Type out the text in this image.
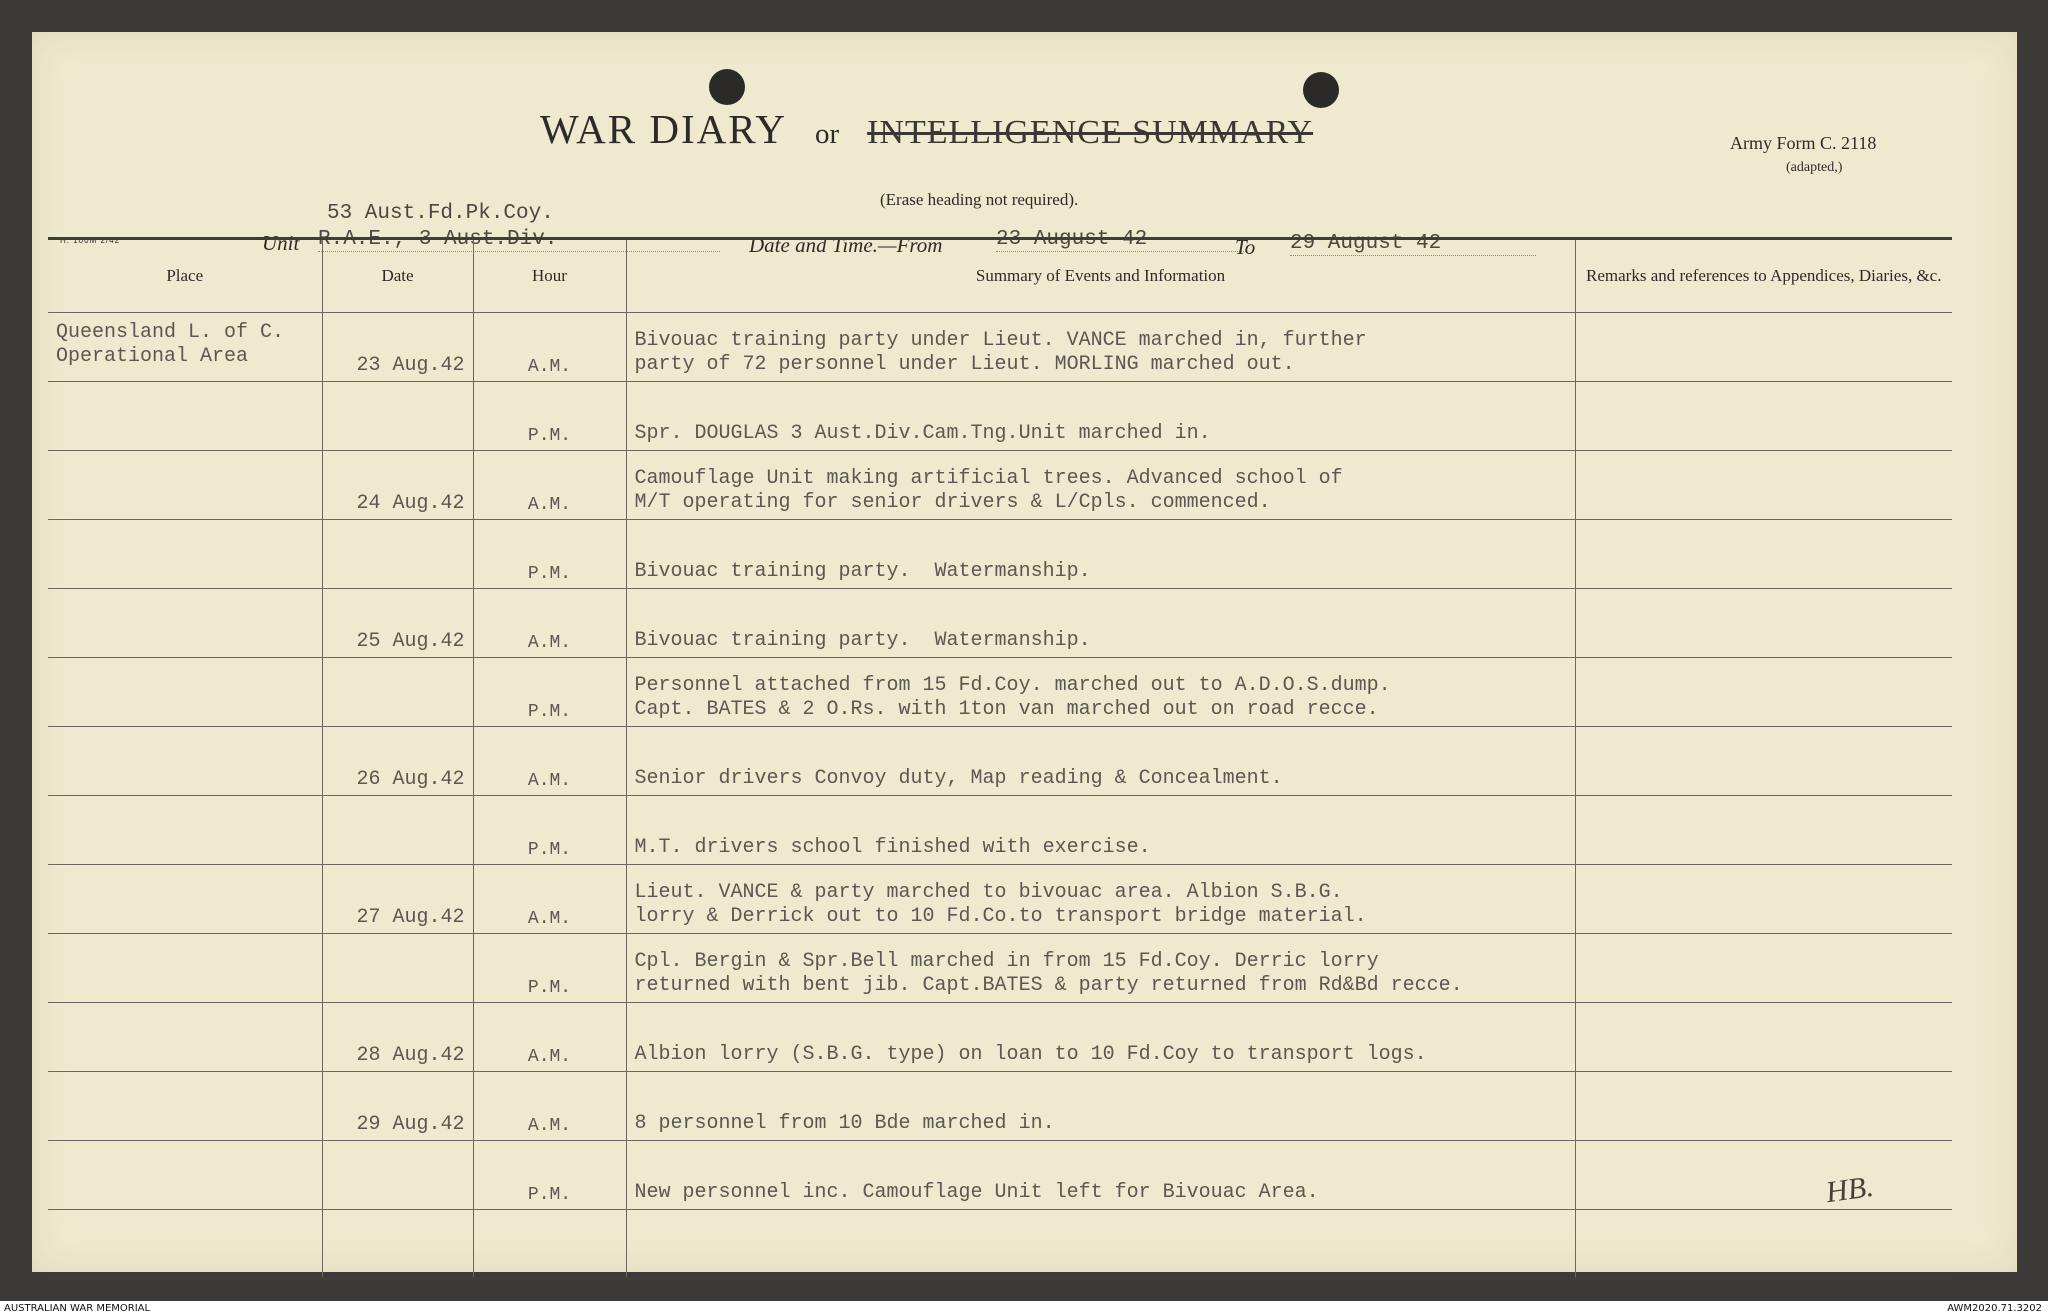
WAR DIARY or INTELLIGENCE SUMMARY
(Erase heading not required).
Army Form C. 2118
(adapted,)
H. 100M 2/42
53 Aust.Fd.Pk.Coy.
Unit R.A.E., 3 Aust.Div.	Date and Time.—From	23 August 42	To 29 August 42
Place	Date	Hour	Summary of Events and Information	Remarks and references to Appendices, Diaries, &c.
Queensland L. of C. Operational Area	23 Aug.42	A.M.	Bivouac training party under Lieut. VANCE marched in, further
party of 72 personnel under Lieut. MORLING marched out.	
		P.M.	Spr. DOUGLAS 3 Aust.Div.Cam.Tng.Unit marched in.	
	24 Aug.42	A.M.	Camouflage Unit making artificial trees. Advanced school of
M/T operating for senior drivers & L/Cpls. commenced.	
		P.M.	Bivouac training party.  Watermanship.	
	25 Aug.42	A.M.	Bivouac training party.  Watermanship.	
		P.M.	Personnel attached from 15 Fd.Coy. marched out to A.D.O.S.dump.
Capt. BATES & 2 O.Rs. with 1ton van marched out on road recce.	
	26 Aug.42	A.M.	Senior drivers Convoy duty, Map reading & Concealment.	
		P.M.	M.T. drivers school finished with exercise.	
	27 Aug.42	A.M.	Lieut. VANCE & party marched to bivouac area. Albion S.B.G.
lorry & Derrick out to 10 Fd.Co.to transport bridge material.	
		P.M.	Cpl. Bergin & Spr.Bell marched in from 15 Fd.Coy. Derric lorry
returned with bent jib. Capt.BATES & party returned from Rd&Bd recce.	
	28 Aug.42	A.M.	Albion lorry (S.B.G. type) on loan to 10 Fd.Coy to transport logs.	
	29 Aug.42	A.M.	8 personnel from 10 Bde marched in.	
		P.M.	New personnel inc. Camouflage Unit left for Bivouac Area.	
					HB.
AUSTRALIAN WAR MEMORIAL	AWM2020.71.3202
